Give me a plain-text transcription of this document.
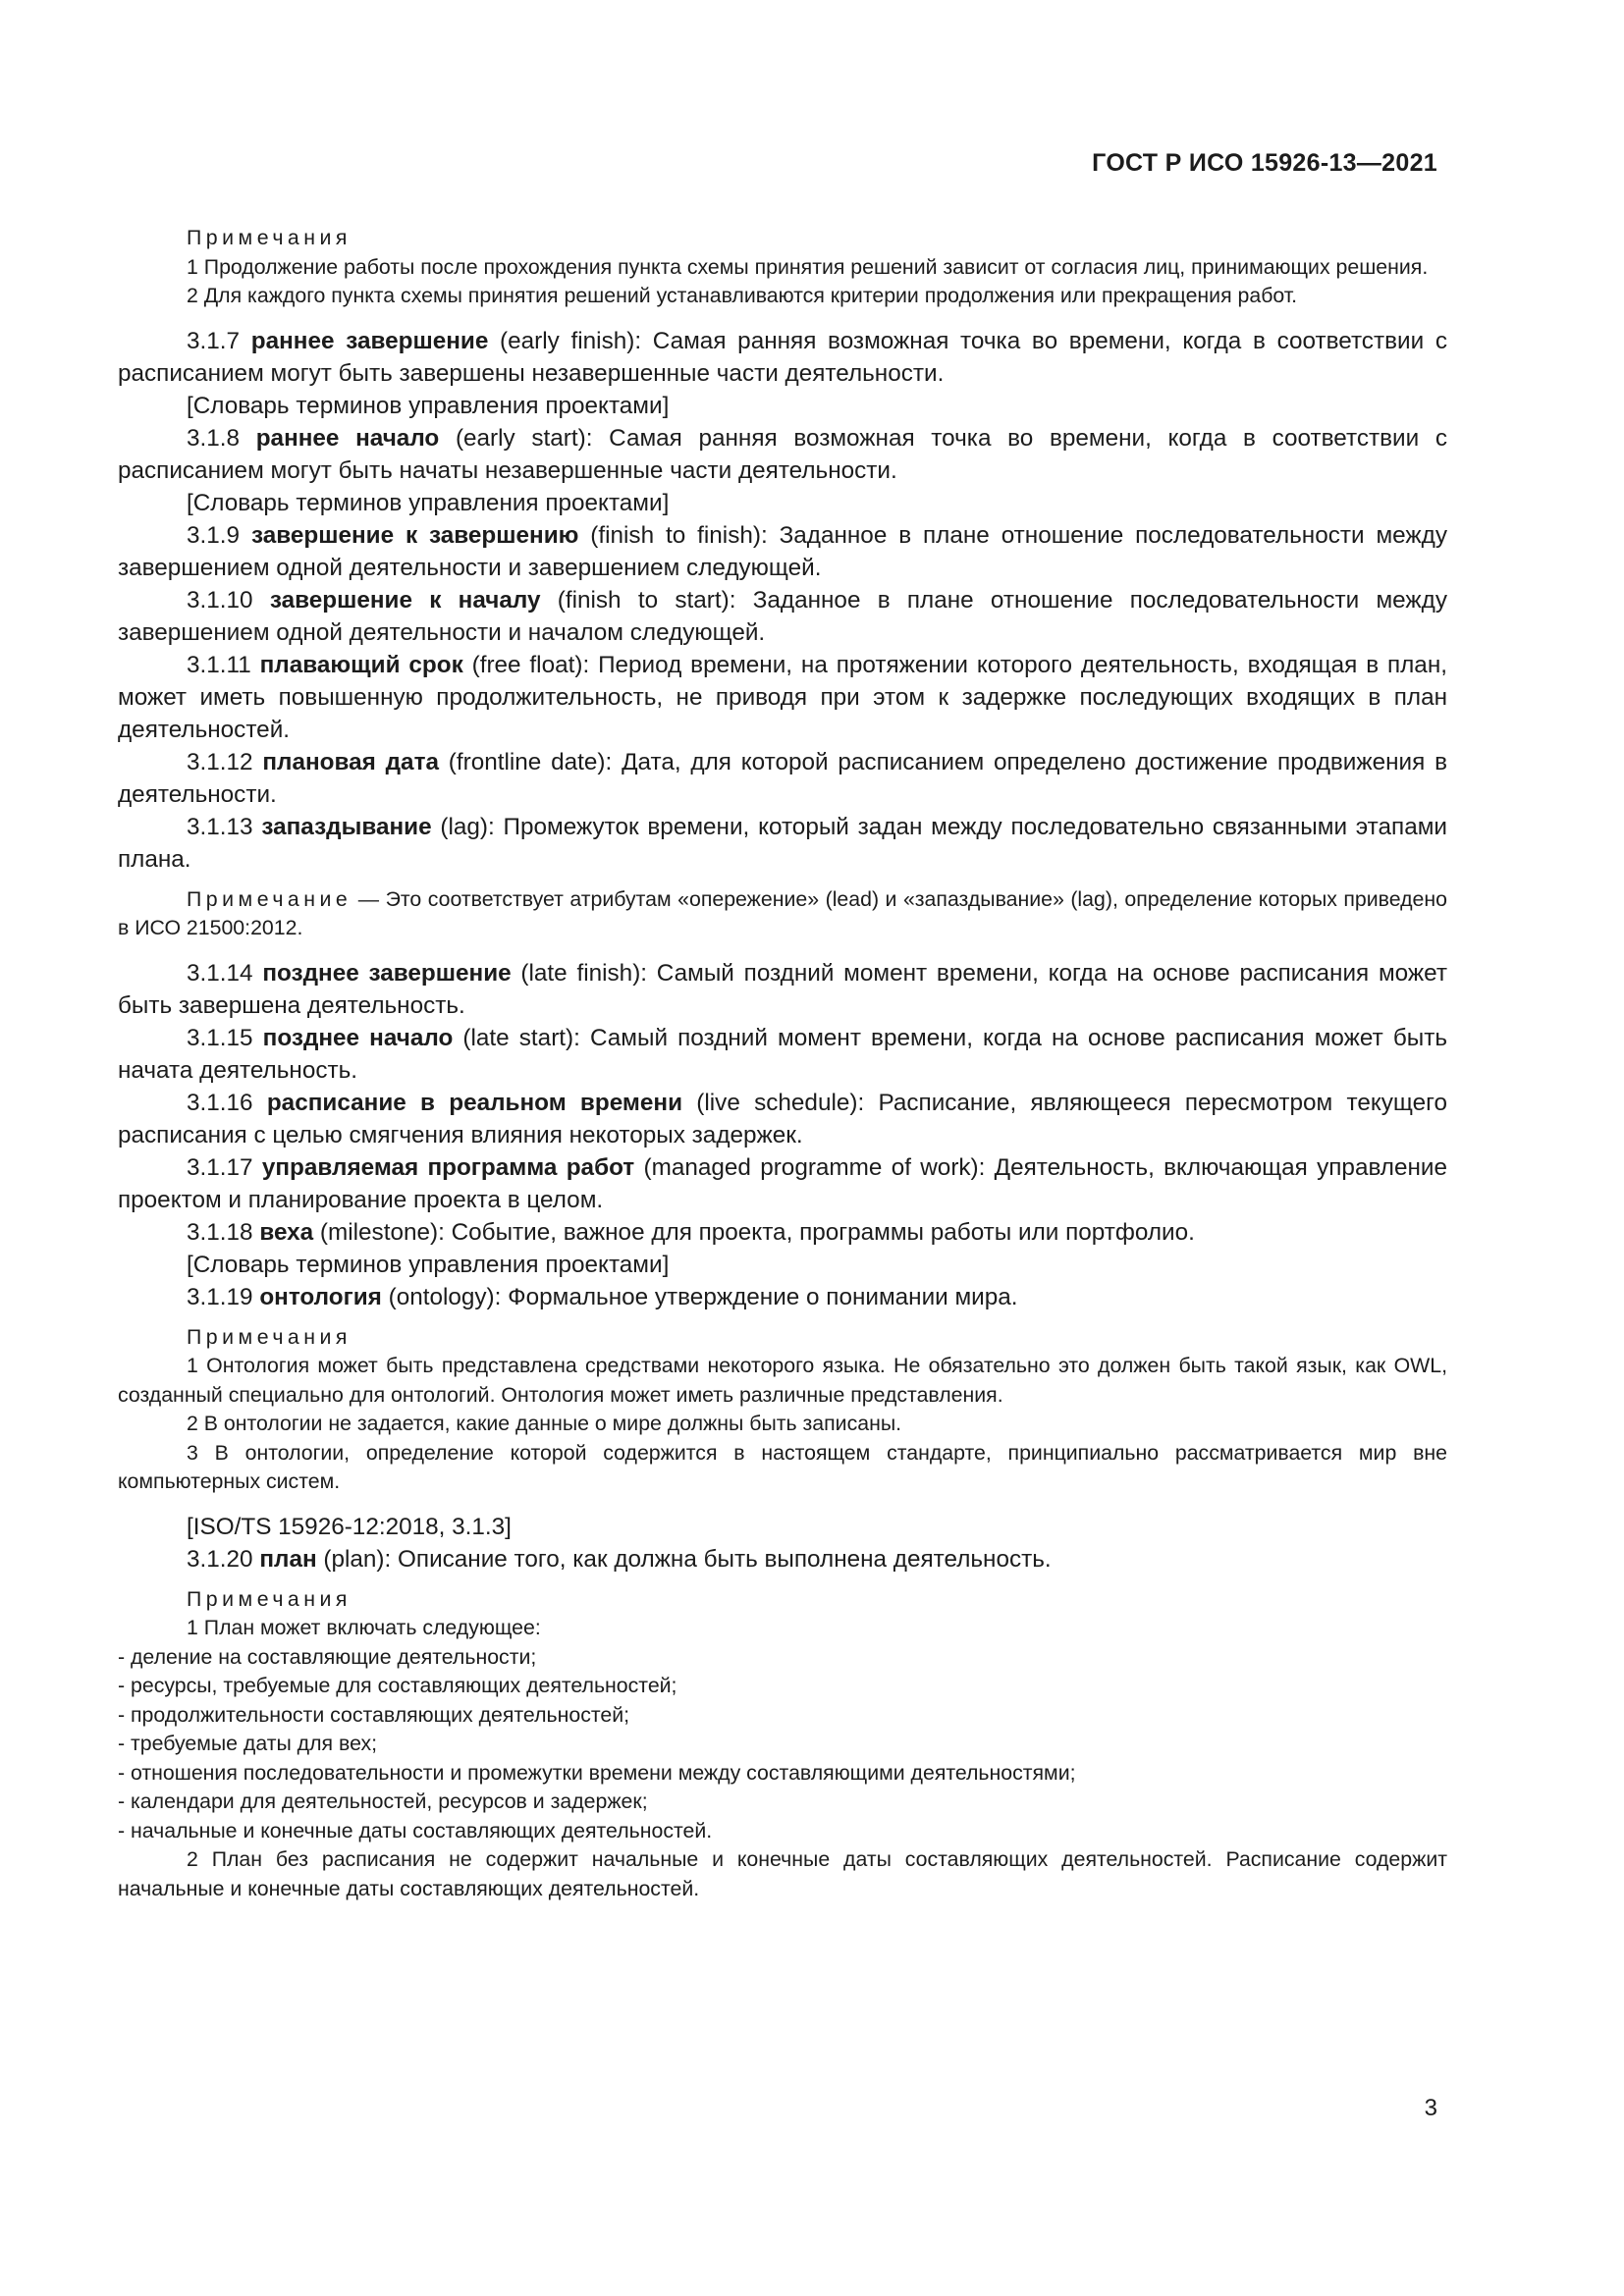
ГОСТ Р ИСО 15926-13—2021

Примечания

1 Продолжение работы после прохождения пункта схемы принятия решений зависит от согласия лиц, принимающих решения.

2 Для каждого пункта схемы принятия решений устанавливаются критерии продолжения или прекращения работ.

3.1.7 раннее завершение (early finish): Самая ранняя возможная точка во времени, когда в соответствии с расписанием могут быть завершены незавершенные части деятельности.

[Словарь терминов управления проектами]

3.1.8 раннее начало (early start): Самая ранняя возможная точка во времени, когда в соответствии с расписанием могут быть начаты незавершенные части деятельности.

[Словарь терминов управления проектами]

3.1.9 завершение к завершению (finish to finish): Заданное в плане отношение последовательности между завершением одной деятельности и завершением следующей.

3.1.10 завершение к началу (finish to start): Заданное в плане отношение последовательности между завершением одной деятельности и началом следующей.

3.1.11 плавающий срок (free float): Период времени, на протяжении которого деятельность, входящая в план, может иметь повышенную продолжительность, не приводя при этом к задержке последующих входящих в план деятельностей.

3.1.12 плановая дата (frontline date): Дата, для которой расписанием определено достижение продвижения в деятельности.

3.1.13 запаздывание (lag): Промежуток времени, который задан между последовательно связанными этапами плана.

Примечание — Это соответствует атрибутам «опережение» (lead) и «запаздывание» (lag), определение которых приведено в ИСО 21500:2012.

3.1.14 позднее завершение (late finish): Самый поздний момент времени, когда на основе расписания может быть завершена деятельность.

3.1.15 позднее начало (late start): Самый поздний момент времени, когда на основе расписания может быть начата деятельность.

3.1.16 расписание в реальном времени (live schedule): Расписание, являющееся пересмотром текущего расписания с целью смягчения влияния некоторых задержек.

3.1.17 управляемая программа работ (managed programme of work): Деятельность, включающая управление проектом и планирование проекта в целом.

3.1.18 веха (milestone): Событие, важное для проекта, программы работы или портфолио.

[Словарь терминов управления проектами]

3.1.19 онтология (ontology): Формальное утверждение о понимании мира.

Примечания

1 Онтология может быть представлена средствами некоторого языка. Не обязательно это должен быть такой язык, как OWL, созданный специально для онтологий. Онтология может иметь различные представления.

2 В онтологии не задается, какие данные о мире должны быть записаны.

3 В онтологии, определение которой содержится в настоящем стандарте, принципиально рассматривается мир вне компьютерных систем.

[ISO/TS 15926-12:2018, 3.1.3]

3.1.20 план (plan): Описание того, как должна быть выполнена деятельность.

Примечания

1 План может включать следующее:

- деление на составляющие деятельности;

- ресурсы, требуемые для составляющих деятельностей;

- продолжительности составляющих деятельностей;

- требуемые даты для вех;

- отношения последовательности и промежутки времени между составляющими деятельностями;

- календари для деятельностей, ресурсов и задержек;

- начальные и конечные даты составляющих деятельностей.

2 План без расписания не содержит начальные и конечные даты составляющих деятельностей. Расписание содержит начальные и конечные даты составляющих деятельностей.

3
